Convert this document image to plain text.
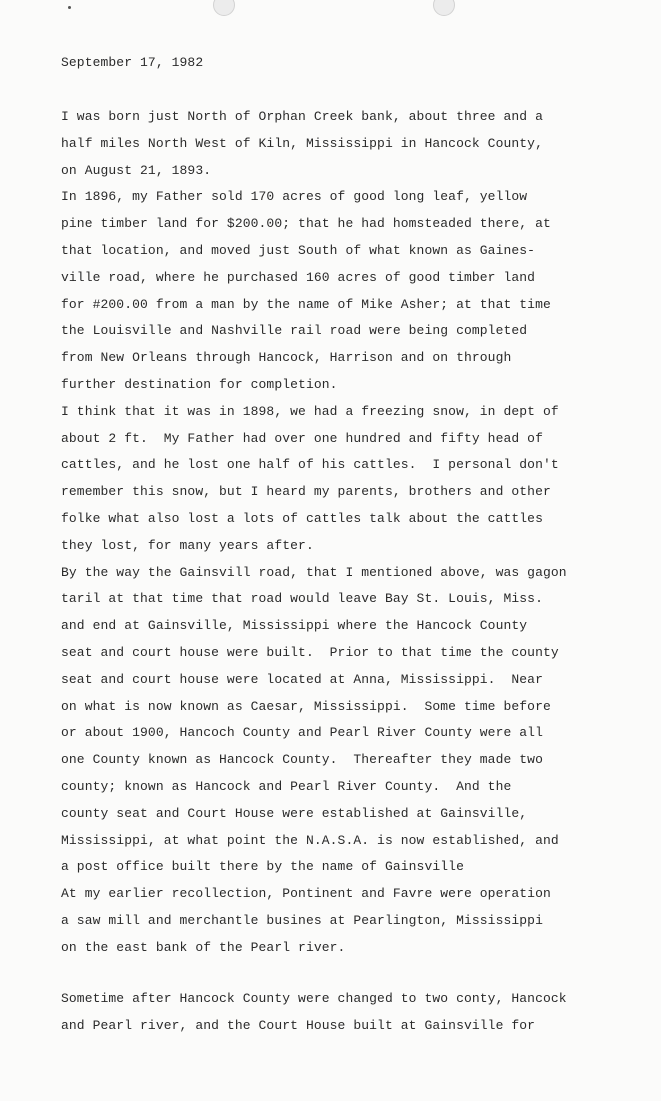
September 17, 1982
I was born just North of Orphan Creek bank, about three and a
half miles North West of Kiln, Mississippi in Hancock County,
on August 21, 1893.
In 1896, my Father sold 170 acres of good long leaf, yellow
pine timber land for $200.00; that he had homsteaded there, at
that location, and moved just South of what known as Gaines-
ville road, where he purchased 160 acres of good timber land
for #200.00 from a man by the name of Mike Asher; at that time
the Louisville and Nashville rail road were being completed
from New Orleans through Hancock, Harrison and on through
further destination for completion.
I think that it was in 1898, we had a freezing snow, in dept of
about 2 ft.  My Father had over one hundred and fifty head of
cattles, and he lost one half of his cattles.  I personal don't
remember this snow, but I heard my parents, brothers and other
folke what also lost a lots of cattles talk about the cattles
they lost, for many years after.
By the way the Gainsvill road, that I mentioned above, was gagon
taril at that time that road would leave Bay St. Louis, Miss.
and end at Gainsville, Mississippi where the Hancock County
seat and court house were built.  Prior to that time the county
seat and court house were located at Anna, Mississippi.  Near
on what is now known as Caesar, Mississippi.  Some time before
or about 1900, Hancoch County and Pearl River County were all
one County known as Hancock County.  Thereafter they made two
county; known as Hancock and Pearl River County.  And the
county seat and Court House were established at Gainsville,
Mississippi, at what point the N.A.S.A. is now established, and
a post office built there by the name of Gainsville
At my earlier recollection, Pontinent and Favre were operation
a saw mill and merchantle busines at Pearlington, Mississippi
on the east bank of the Pearl river.
Sometime after Hancock County were changed to two conty, Hancock
and Pearl river, and the Court House built at Gainsville for
